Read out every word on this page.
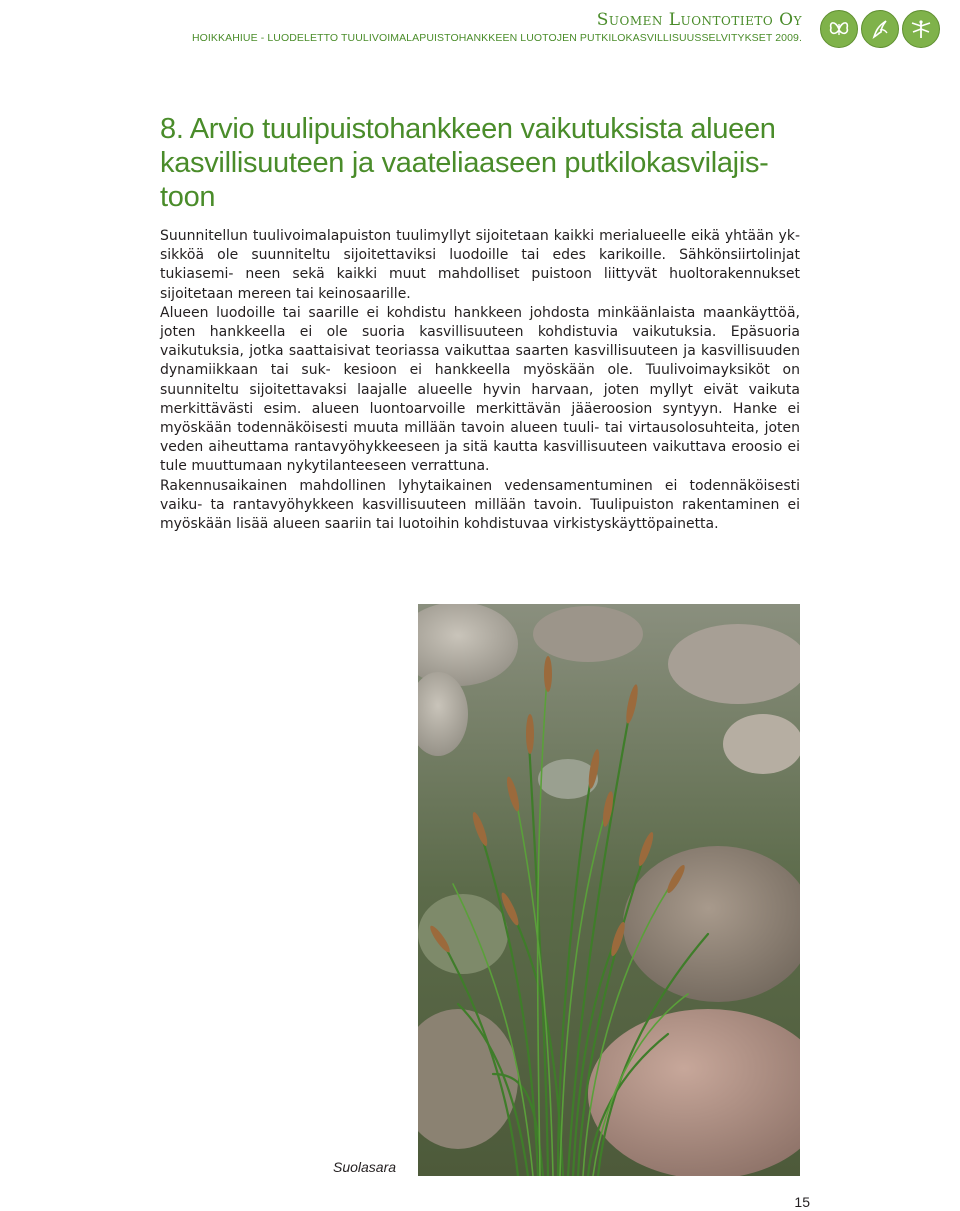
Suomen Luontotieto Oy
HOIKKAHIUE - LUODELETTO TUULIVOIMALAPUISTOHANKKEEN LUOTOJEN PUTKILOKASVILLISUUSSELVITYKSET 2009.
8. Arvio tuulipuistohankkeen vaikutuksista alueen
kasvillisuuteen ja vaateliaaseen putkilokasvilajis-
toon

Suunnitellun tuulivoimalapuiston tuulimyllyt sijoitetaan kaikki merialueelle eikä yhtään yk- sikköä ole suunniteltu sijoitettaviksi luodoille tai edes karikoille. Sähkönsiirtolinjat tukiasemi- neen sekä kaikki muut mahdolliset puistoon liittyvät huoltorakennukset sijoitetaan mereen tai keinosaarille.

Alueen luodoille tai saarille ei kohdistu hankkeen johdosta minkäänlaista maankäyttöä, joten hankkeella ei ole suoria kasvillisuuteen kohdistuvia vaikutuksia. Epäsuoria vaikutuksia, jotka saattaisivat teoriassa vaikuttaa saarten kasvillisuuteen ja kasvillisuuden dynamiikkaan tai suk- kesioon ei hankkeella myöskään ole. Tuulivoimayksiköt on suunniteltu sijoitettavaksi laajalle alueelle hyvin harvaan, joten myllyt eivät vaikuta merkittävästi esim. alueen luontoarvoille merkittävän jääeroosion syntyyn. Hanke ei myöskään todennäköisesti muuta millään tavoin alueen tuuli- tai virtausolosuhteita, joten veden aiheuttama rantavyöhykkeeseen ja sitä kautta kasvillisuuteen vaikuttava eroosio ei tule muuttumaan nykytilanteeseen verrattuna.

Rakennusaikainen mahdollinen lyhytaikainen vedensamentuminen ei todennäköisesti vaiku- ta rantavyöhykkeen kasvillisuuteen millään tavoin. Tuulipuiston rakentaminen ei myöskään lisää alueen saariin tai luotoihin kohdistuvaa virkistyskäyttöpainetta.

Suolasara
15
